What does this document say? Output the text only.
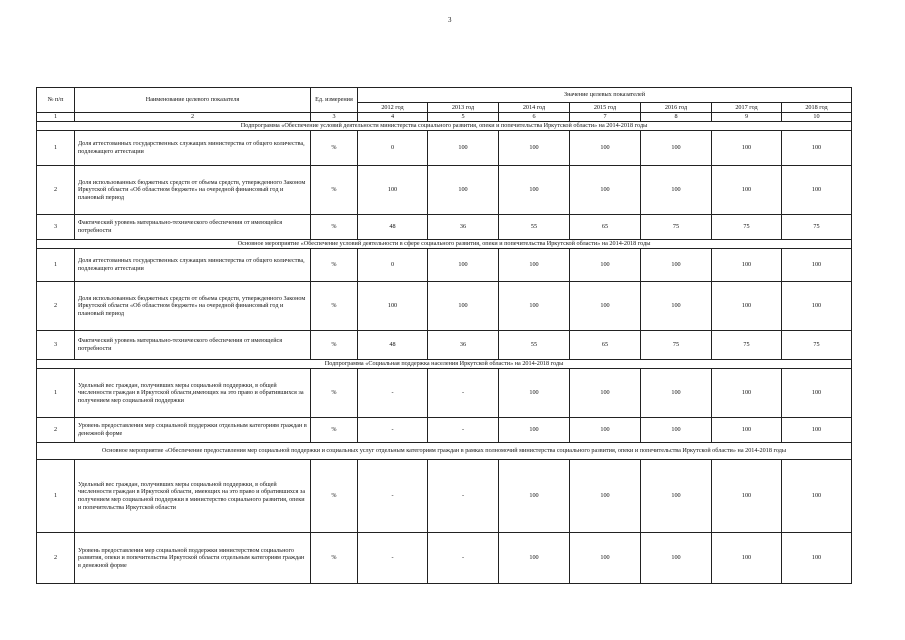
3
№ п/п	Наименование целевого показателя	Ед. измерения	Значение целевых показателей						
			2012 год	2013 год	2014 год	2015 год	2016 год	2017 год	2018 год
1	2	3	4	5	6	7	8	9	10
Подпрограмма «Обеспечение условий деятельности министерства социального развития, опеки и попечительства Иркутской области» на 2014-2018 годы									
1	Доля аттестованных государственных служащих министерства от общего количества, подлежащего аттестации	%	0	100	100	100	100	100	100
2	Доля использованных бюджетных средств от объема средств, утвержденного Законом Иркутской области «Об областном бюджете» на очередной финансовый год и плановый период	%	100	100	100	100	100	100	100
3	Фактический уровень материально-технического обеспечения от имеющейся потребности	%	48	36	55	65	75	75	75
Основное мероприятие «Обеспечение условий деятельности в сфере социального развития, опеки и попечительства Иркутской области» на 2014-2018 годы									
1	Доля аттестованных государственных служащих министерства от общего количества, подлежащего аттестации	%	0	100	100	100	100	100	100
2	Доля использованных бюджетных средств от объема средств, утвержденного Законом Иркутской области «Об областном бюджете» на очередной финансовый год и плановый период	%	100	100	100	100	100	100	100
3	Фактический уровень материально-технического обеспечения от имеющейся потребности	%	48	36	55	65	75	75	75
Подпрограмма «Социальная поддержка населения Иркутской области» на 2014-2018 годы									
1	Удельный вес граждан, получивших меры социальной поддержки, в общей численности граждан в Иркутской области,имеющих на это право и обратившихся за получением мер социальной поддержки	%	-	-	100	100	100	100	100
2	Уровень предоставления мер социальной поддержки отдельным категориям граждан в денежной форме	%	-	-	100	100	100	100	100
Основное мероприятие «Обеспечение предоставления мер социальной поддержки и социальных услуг отдельным категориям граждан в рамках полномочий министерства социального развития, опеки и попечительства Иркутской области» на 2014-2018 годы									
1	Удельный вес граждан, получивших меры социальной поддержки, в общей численности граждан в Иркутской области, имеющих на это право и обратившихся за получением мер социальной поддержки в министерство социального развития, опеки и попечительства Иркутской области	%	-	-	100	100	100	100	100
2	Уровень предоставления мер социальной поддержки министерством социального развития, опеки и попечительства Иркутской области отдельным категориям граждан в денежной форме	%	-	-	100	100	100	100	100
